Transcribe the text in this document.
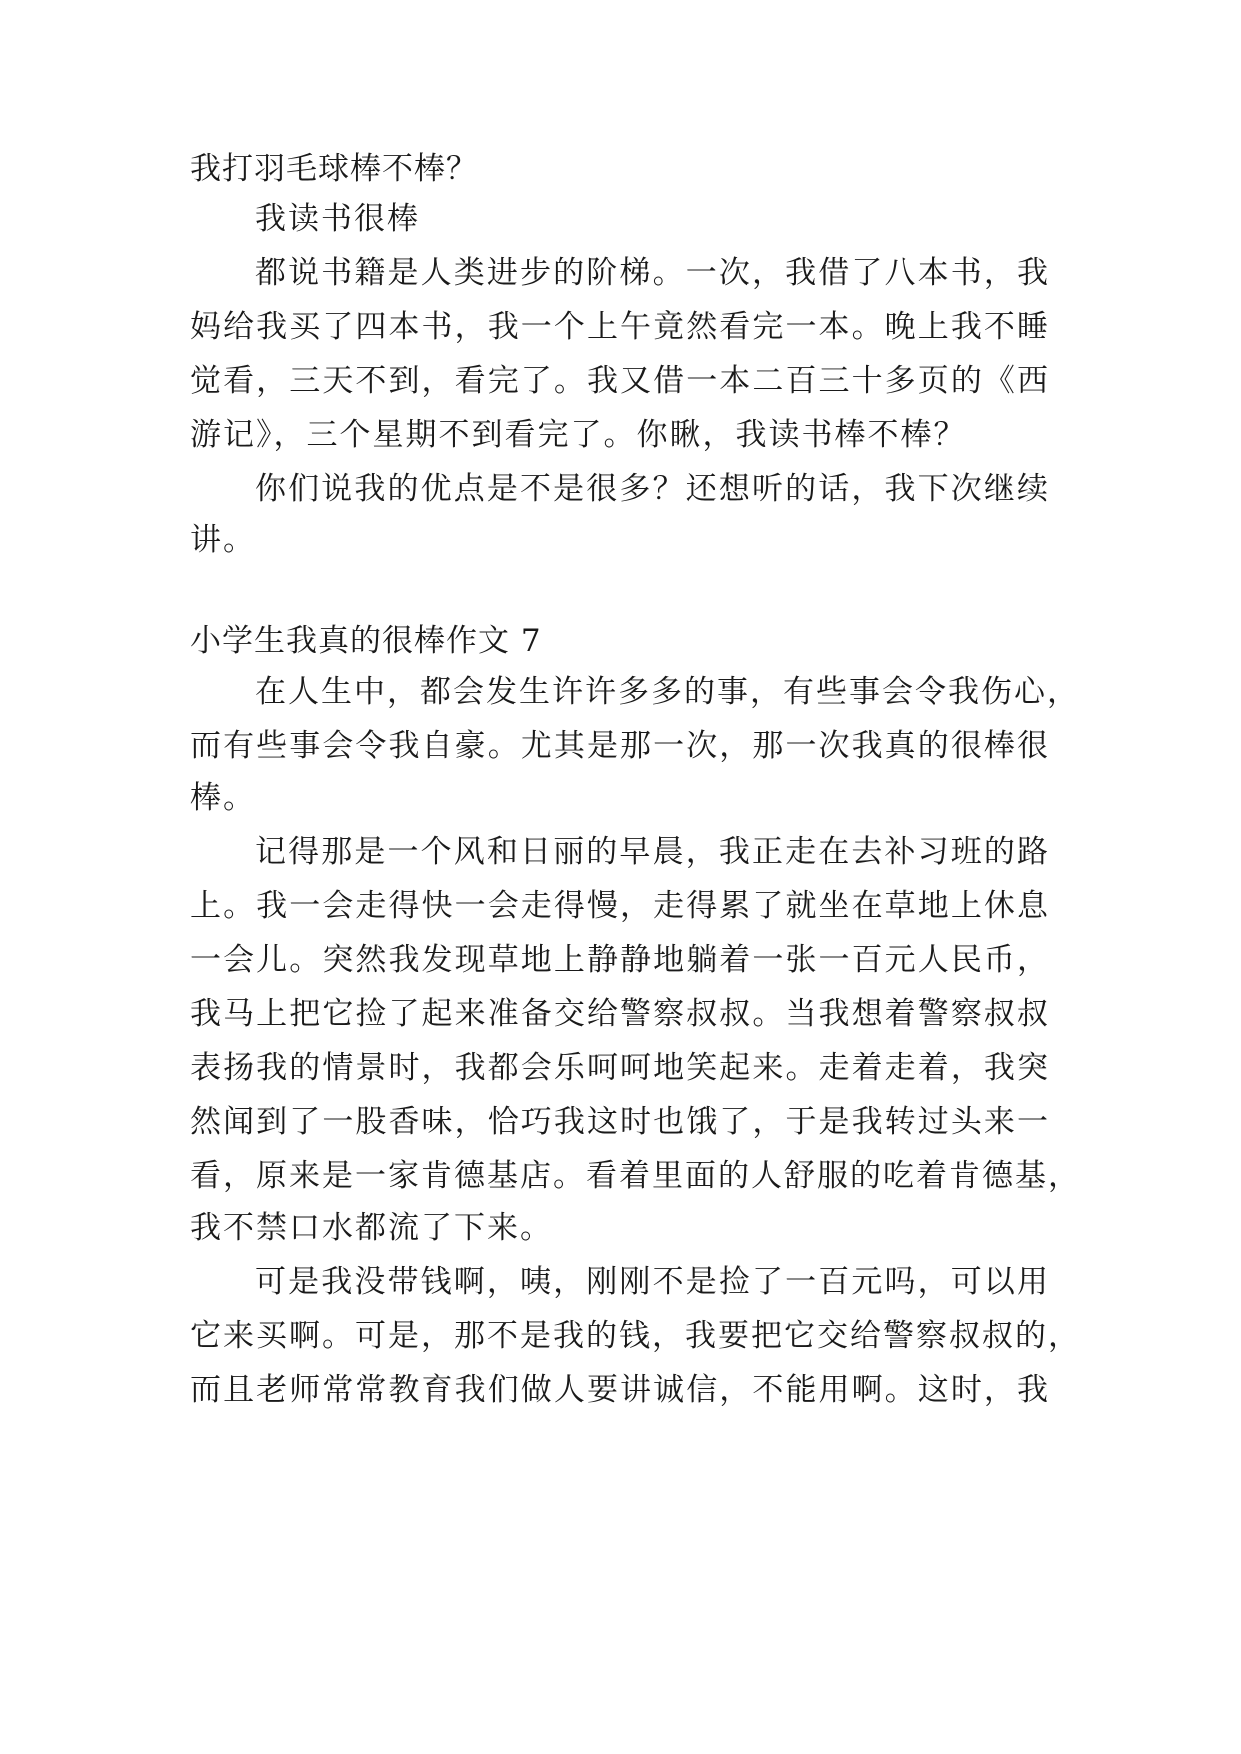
我打羽毛球棒不棒？

我读书很棒

都说书籍是人类进步的阶梯。一次，我借了八本书，我

妈给我买了四本书，我一个上午竟然看完一本。晚上我不睡

觉看，三天不到，看完了。我又借一本二百三十多页的《西

游记》，三个星期不到看完了。你瞅，我读书棒不棒？

你们说我的优点是不是很多？还想听的话，我下次继续

讲。

小学生我真的很棒作文 7

在人生中，都会发生许许多多的事，有些事会令我伤心，

而有些事会令我自豪。尤其是那一次，那一次我真的很棒很

棒。

记得那是一个风和日丽的早晨，我正走在去补习班的路

上。我一会走得快一会走得慢，走得累了就坐在草地上休息

一会儿。突然我发现草地上静静地躺着一张一百元人民币，

我马上把它捡了起来准备交给警察叔叔。当我想着警察叔叔

表扬我的情景时，我都会乐呵呵地笑起来。走着走着，我突

然闻到了一股香味，恰巧我这时也饿了，于是我转过头来一

看，原来是一家肯德基店。看着里面的人舒服的吃着肯德基，

我不禁口水都流了下来。

可是我没带钱啊，咦，刚刚不是捡了一百元吗，可以用

它来买啊。可是，那不是我的钱，我要把它交给警察叔叔的，

而且老师常常教育我们做人要讲诚信，不能用啊。这时，我
